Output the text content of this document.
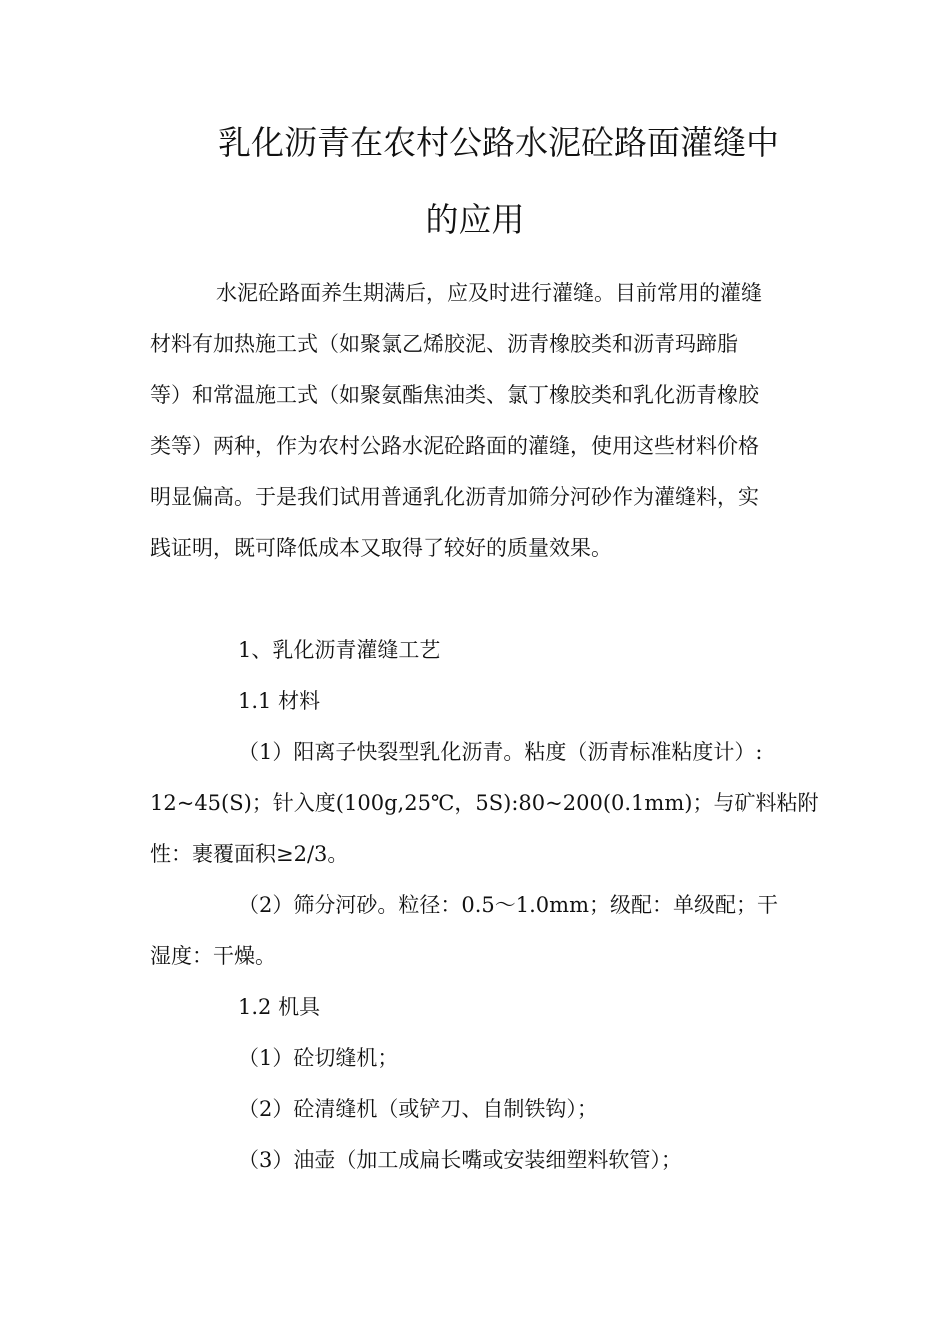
乳化沥青在农村公路水泥砼路面灌缝中
的应用
水泥砼路面养生期满后，应及时进行灌缝。目前常用的灌缝
材料有加热施工式（如聚氯乙烯胶泥、沥青橡胶类和沥青玛蹄脂
等）和常温施工式（如聚氨酯焦油类、氯丁橡胶类和乳化沥青橡胶
类等）两种，作为农村公路水泥砼路面的灌缝，使用这些材料价格
明显偏高。于是我们试用普通乳化沥青加筛分河砂作为灌缝料，实
践证明，既可降低成本又取得了较好的质量效果。
1、乳化沥青灌缝工艺
1.1 材料
（1）阳离子快裂型乳化沥青。粘度（沥青标准粘度计）:
12~45(S)；针入度(100g,25℃，5S):80~200(0.1mm)；与矿料粘附
性：裹覆面积≥2/3。
（2）筛分河砂。粒径：0.5～1.0mm；级配：单级配；干
湿度：干燥。
1.2 机具
（1）砼切缝机；
（2）砼清缝机（或铲刀、自制铁钩）；
（3）油壶（加工成扁长嘴或安装细塑料软管）；
